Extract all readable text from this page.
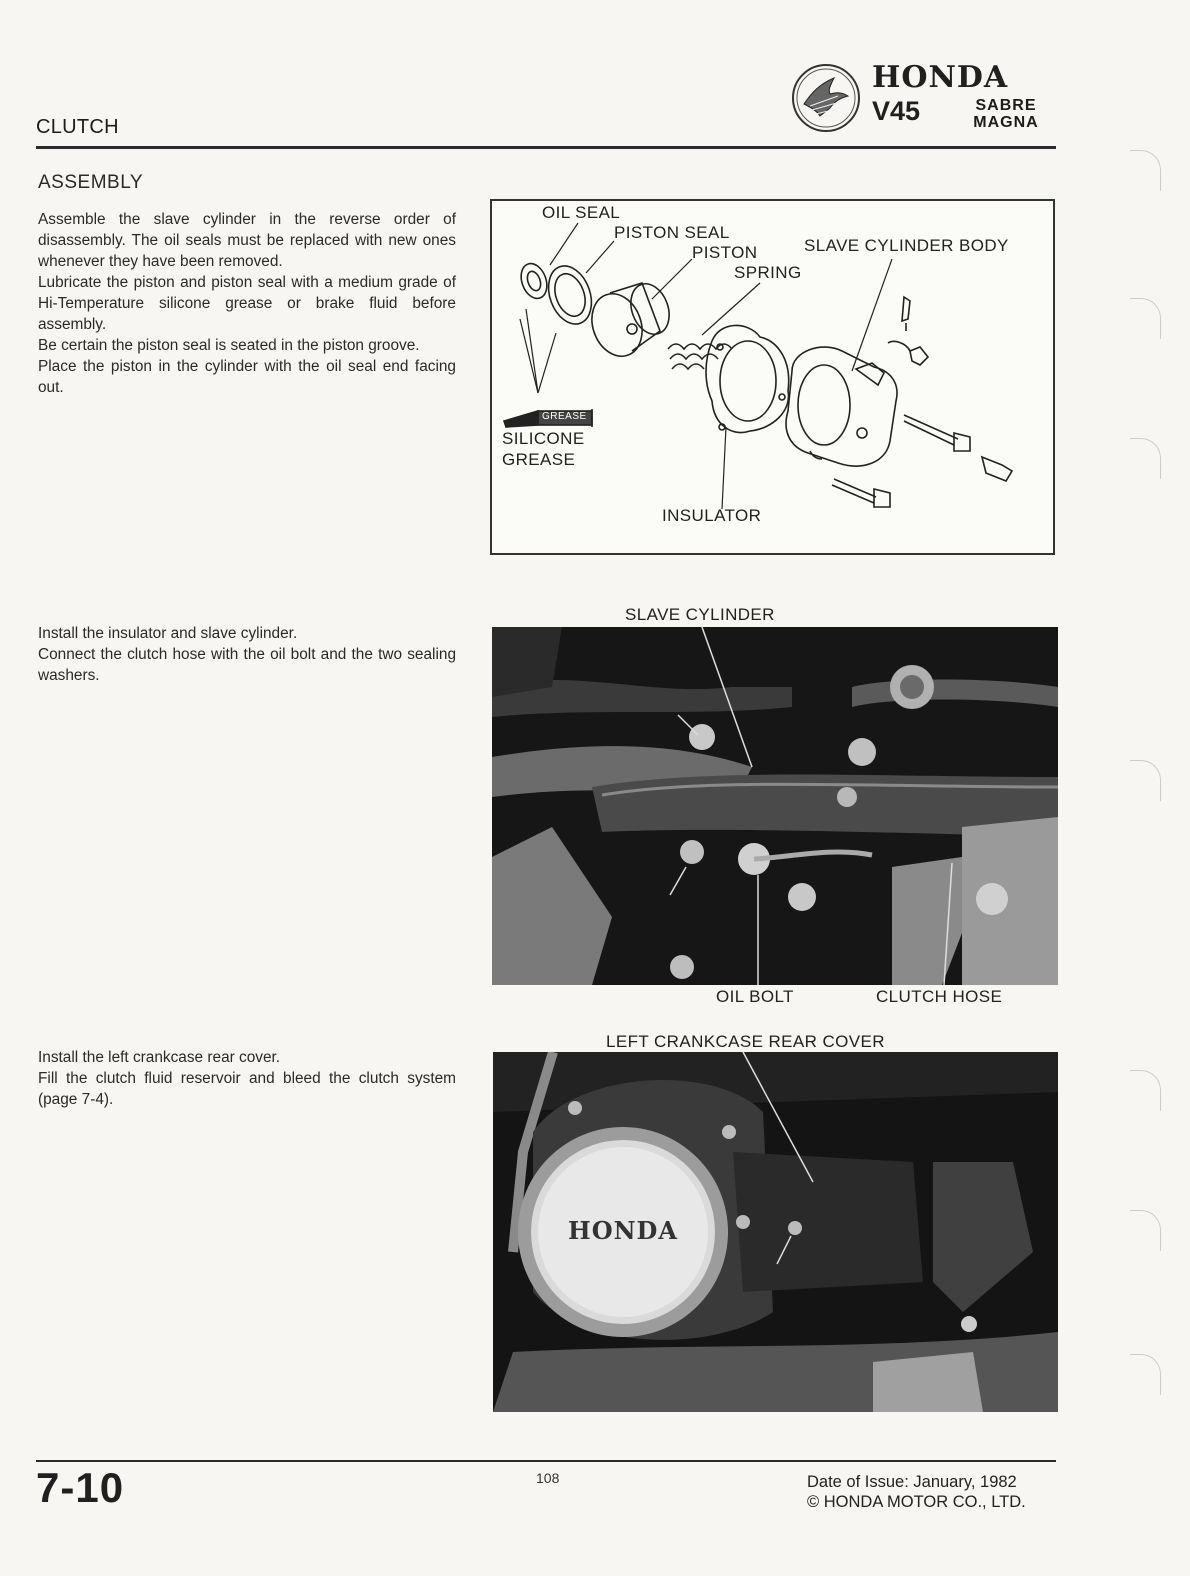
CLUTCH
HONDA
V45	SABRE
MAGNA
ASSEMBLY

Assemble the slave cylinder in the reverse order of disassembly. The oil seals must be replaced with new ones whenever they have been removed.

Lubricate the piston and piston seal with a medium grade of Hi-Temperature silicone grease or brake fluid before assembly.

Be certain the piston seal is seated in the piston groove.

Place the piston in the cylinder with the oil seal end facing out.

OIL SEAL
PISTON SEAL
PISTON
SPRING
SLAVE CYLINDER BODY
GREASE
SILICONE
GREASE
INSULATOR

Install the insulator and slave cylinder.

Connect the clutch hose with the oil bolt and the two sealing washers.

SLAVE CYLINDER
OIL BOLT	CLUTCH HOSE

Install the left crankcase rear cover.

Fill the clutch fluid reservoir and bleed the clutch system (page 7-4).

LEFT CRANKCASE REAR COVER
HONDA
7-10	108	Date of Issue: January, 1982
© HONDA MOTOR CO., LTD.
